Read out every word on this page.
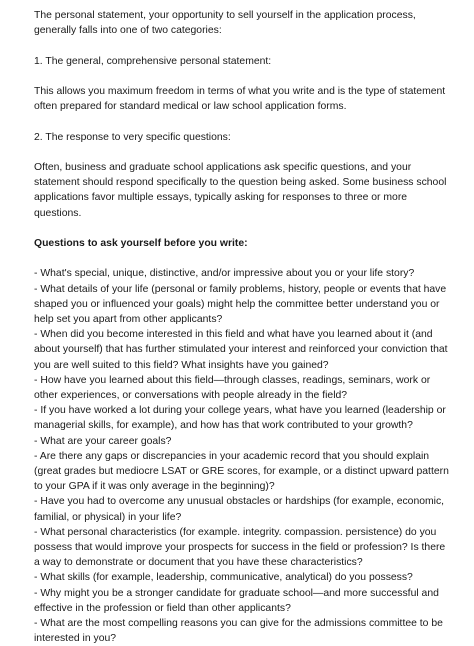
The personal statement, your opportunity to sell yourself in the application process, generally falls into one of two categories:

1. The general, comprehensive personal statement:

This allows you maximum freedom in terms of what you write and is the type of statement often prepared for standard medical or law school application forms.

2. The response to very specific questions:

Often, business and graduate school applications ask specific questions, and your statement should respond specifically to the question being asked. Some business school applications favor multiple essays, typically asking for responses to three or more questions.

Questions to ask yourself before you write:

- What's special, unique, distinctive, and/or impressive about you or your life story?
- What details of your life (personal or family problems, history, people or events that have shaped you or influenced your goals) might help the committee better understand you or help set you apart from other applicants?
- When did you become interested in this field and what have you learned about it (and about yourself) that has further stimulated your interest and reinforced your conviction that you are well suited to this field? What insights have you gained?
- How have you learned about this field—through classes, readings, seminars, work or other experiences, or conversations with people already in the field?
- If you have worked a lot during your college years, what have you learned (leadership or managerial skills, for example), and how has that work contributed to your growth?
- What are your career goals?
- Are there any gaps or discrepancies in your academic record that you should explain (great grades but mediocre LSAT or GRE scores, for example, or a distinct upward pattern to your GPA if it was only average in the beginning)?
- Have you had to overcome any unusual obstacles or hardships (for example, economic, familial, or physical) in your life?
- What personal characteristics (for example. integrity. compassion. persistence) do you possess that would improve your prospects for success in the field or profession? Is there a way to demonstrate or document that you have these characteristics?
- What skills (for example, leadership, communicative, analytical) do you possess?
- Why might you be a stronger candidate for graduate school—and more successful and effective in the profession or field than other applicants?
- What are the most compelling reasons you can give for the admissions committee to be interested in you?
